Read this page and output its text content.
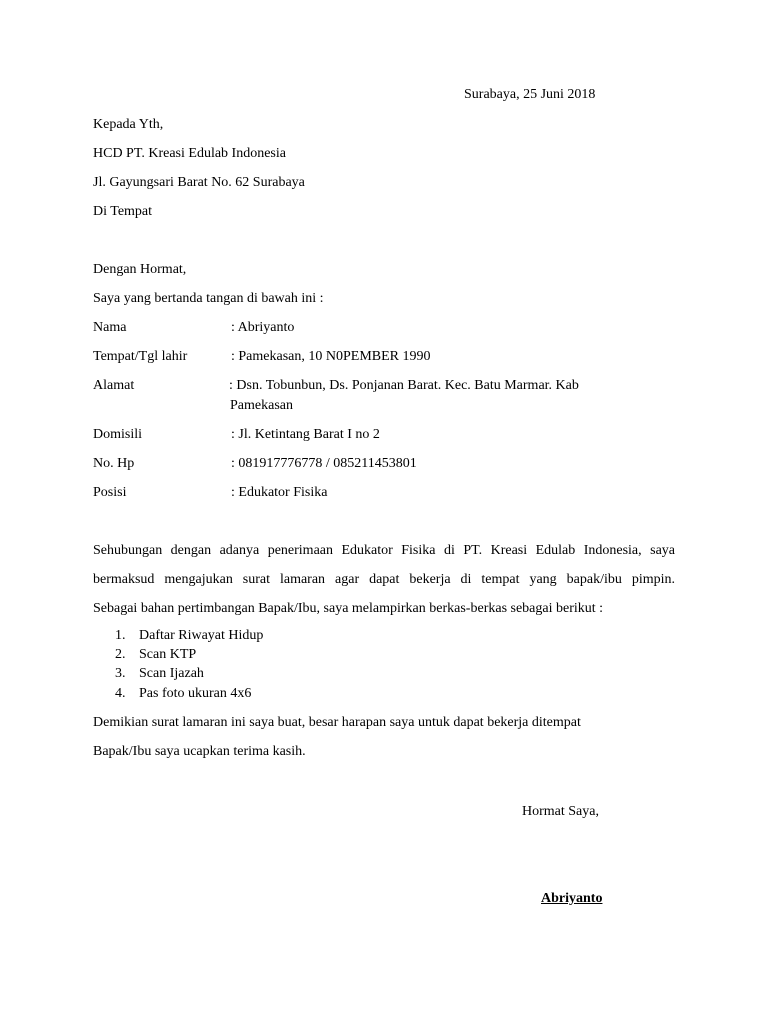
Surabaya, 25 Juni 2018
Kepada Yth,
HCD PT. Kreasi Edulab Indonesia
Jl. Gayungsari Barat No. 62 Surabaya
Di Tempat
Dengan Hormat,
Saya yang bertanda tangan di bawah ini :
Nama	: Abriyanto
Tempat/Tgl lahir	: Pamekasan, 10 N0PEMBER 1990
Alamat	: Dsn. Tobunbun, Ds. Ponjanan Barat. Kec. Batu Marmar. Kab
Pamekasan
Domisili	: Jl. Ketintang Barat I no 2
No. Hp	: 081917776778 / 085211453801
Posisi	: Edukator Fisika
Sehubungan dengan adanya penerimaan Edukator Fisika di PT. Kreasi Edulab Indonesia, saya
bermaksud mengajukan surat lamaran agar dapat bekerja di tempat yang bapak/ibu pimpin.
Sebagai bahan pertimbangan Bapak/Ibu, saya melampirkan berkas-berkas sebagai berikut :
1. Daftar Riwayat Hidup
2. Scan KTP
3. Scan Ijazah
4. Pas foto ukuran 4x6
Demikian surat lamaran ini saya buat, besar harapan saya untuk dapat bekerja ditempat
Bapak/Ibu saya ucapkan terima kasih.
Hormat Saya,
Abriyanto
